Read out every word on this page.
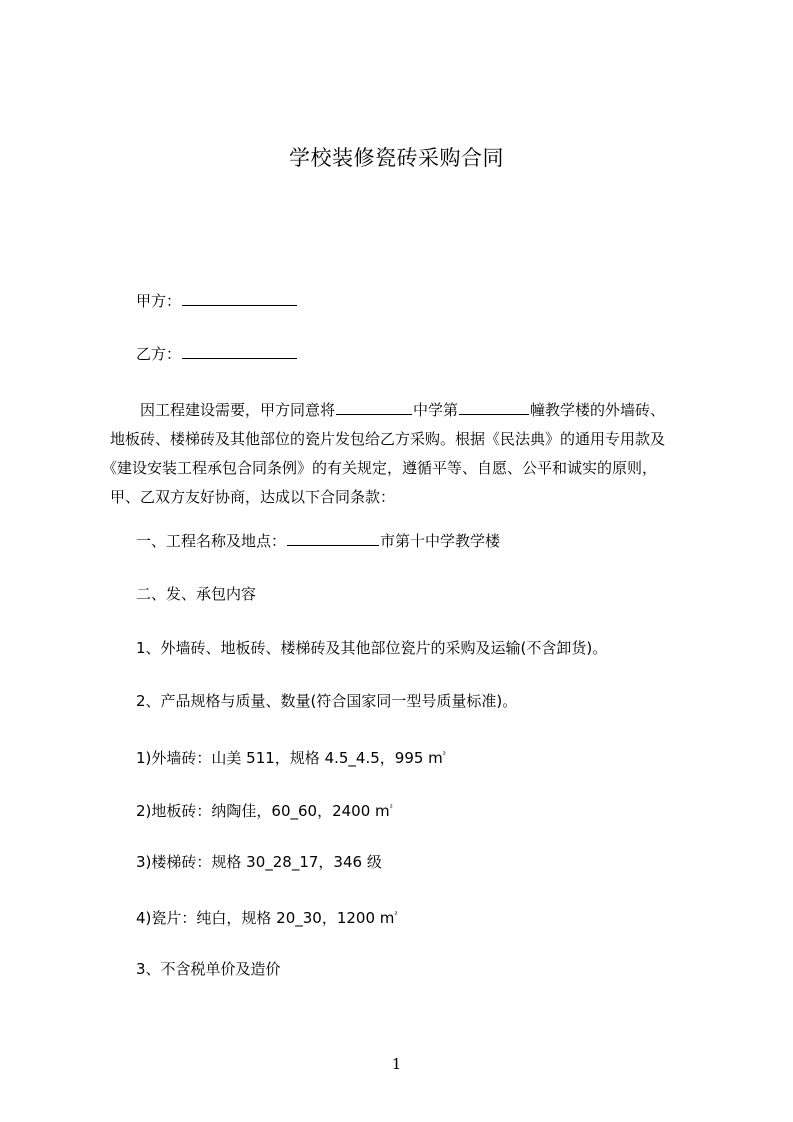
学校装修瓷砖采购合同
甲方：
乙方：
因工程建设需要，甲方同意将	中学第	幢教学楼的外墙砖、
地板砖、楼梯砖及其他部位的瓷片发包给乙方采购。根据《民法典》的通用专用款及
《建设安装工程承包合同条例》的有关规定，遵循平等、自愿、公平和诚实的原则，
甲、乙双方友好协商，达成以下合同条款：
一、工程名称及地点：	市第十中学教学楼
二、发、承包内容
1、外墙砖、地板砖、楼梯砖及其他部位瓷片的采购及运输(不含卸货)。
2、产品规格与质量、数量(符合国家同一型号质量标准)。
1)外墙砖：山美 511，规格 4.5_4.5，995 $m^{^2}$
2)地板砖：纳陶佳，60_60，2400 $m^{^2}$
3)楼梯砖：规格 30_28_17，346 级
4)瓷片：纯白，规格 20_30，1200 $m^{^2}$
3、不含税单价及造价
1
